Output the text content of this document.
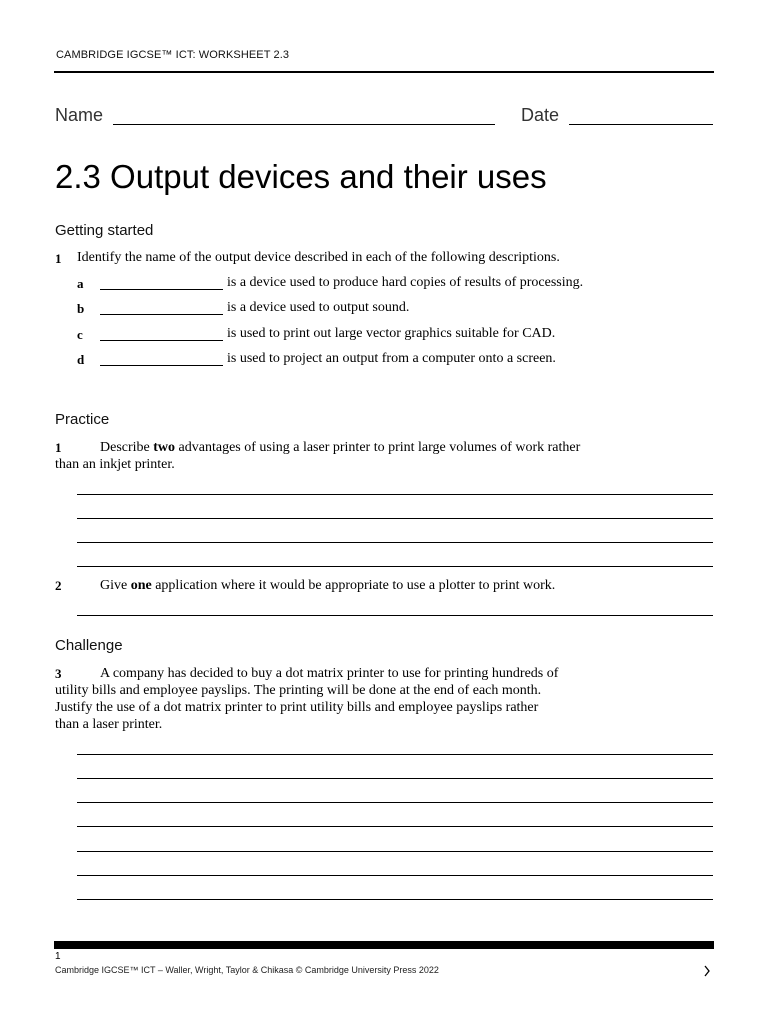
CAMBRIDGE IGCSE™ ICT: WORKSHEET 2.3
Name	Date
2.3 Output devices and their uses
Getting started
1 Identify the name of the output device described in each of the following descriptions.
a	is a device used to produce hard copies of results of processing.
b	is a device used to output sound.
c	is used to print out large vector graphics suitable for CAD.
d	is used to project an output from a computer onto a screen.
Practice
1	Describe two advantages of using a laser printer to print large volumes of work rather
than an inkjet printer.
2	Give one application where it would be appropriate to use a plotter to print work.
Challenge
3	A company has decided to buy a dot matrix printer to use for printing hundreds of
utility bills and employee payslips. The printing will be done at the end of each month.
Justify the use of a dot matrix printer to print utility bills and employee payslips rather
than a laser printer.
1
Cambridge IGCSE™ ICT – Waller, Wright, Taylor & Chikasa © Cambridge University Press 2022
